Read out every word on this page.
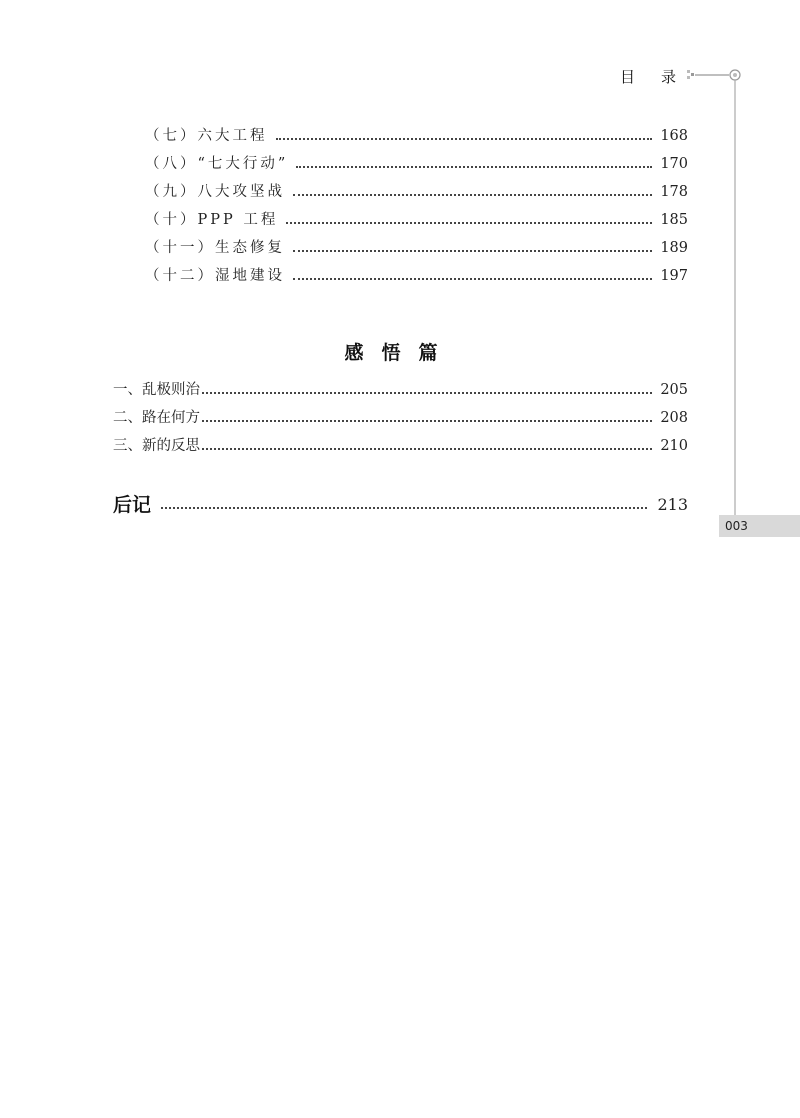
目 录
（七）六大工程	168
（八）“七大行动”	170
（九）八大攻坚战	178
（十）PPP 工程	185
（十一）生态修复	189
（十二）湿地建设	197
感悟篇
一、乱极则治	205
二、路在何方	208
三、新的反思	210
后记	213
003
